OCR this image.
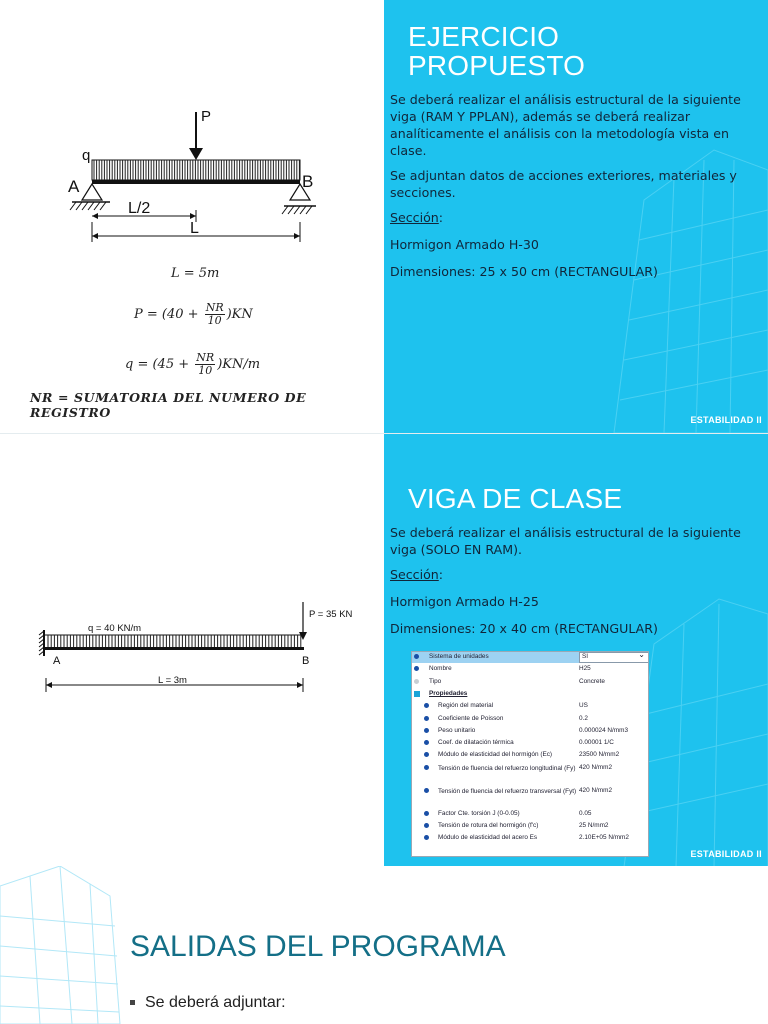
P
q
A	B
L/2
L
L = 5m
$P = (40 + \frac{NR}{10} )KN$
$q = (45 + \frac{NR}{10} )KN/m$
NR = SUMATORIA DEL NUMERO DE REGISTRO
EJERCICIO
PROPUESTO

Se deberá realizar el análisis estructural de la siguiente viga (RAM Y PPLAN), además se deberá realizar analíticamente el análisis con la metodología vista en clase.

Se adjuntan datos de acciones exteriores, materiales y secciones.

Sección:

Hormigon Armado H-30

Dimensiones: 25 x 50 cm (RECTANGULAR)

ESTABILIDAD II
q = 40 KN/m
P = 35 KN
A	B
L = 3m
VIGA DE CLASE

Se deberá realizar el análisis estructural de la siguiente viga (SOLO EN RAM).

Sección:

Hormigon Armado H-25

Dimensiones: 20 x 40 cm (RECTANGULAR)

Sistema de unidades	SI	⌄
Nombre	H25
Tipo	Concrete
Propiedades
Región del material	US
Coeficiente de Poisson	0.2
Peso unitario	0.000024 N/mm3
Coef. de dilatación térmica	0.00001 1/C
Módulo de elasticidad del hormigón (Ec)	23500 N/mm2
Tensión de fluencia del refuerzo longitudinal (Fy) 420 N/mm2
Tensión de fluencia del refuerzo transversal (Fyt) 420 N/mm2
Factor Cte. torsión J (0-0.05)	0.05
Tensión de rotura del hormigón (f'c)	25 N/mm2
Módulo de elasticidad del acero Es	2.10E+05 N/mm2
ESTABILIDAD II
SALIDAS DEL PROGRAMA
Se deberá adjuntar:
